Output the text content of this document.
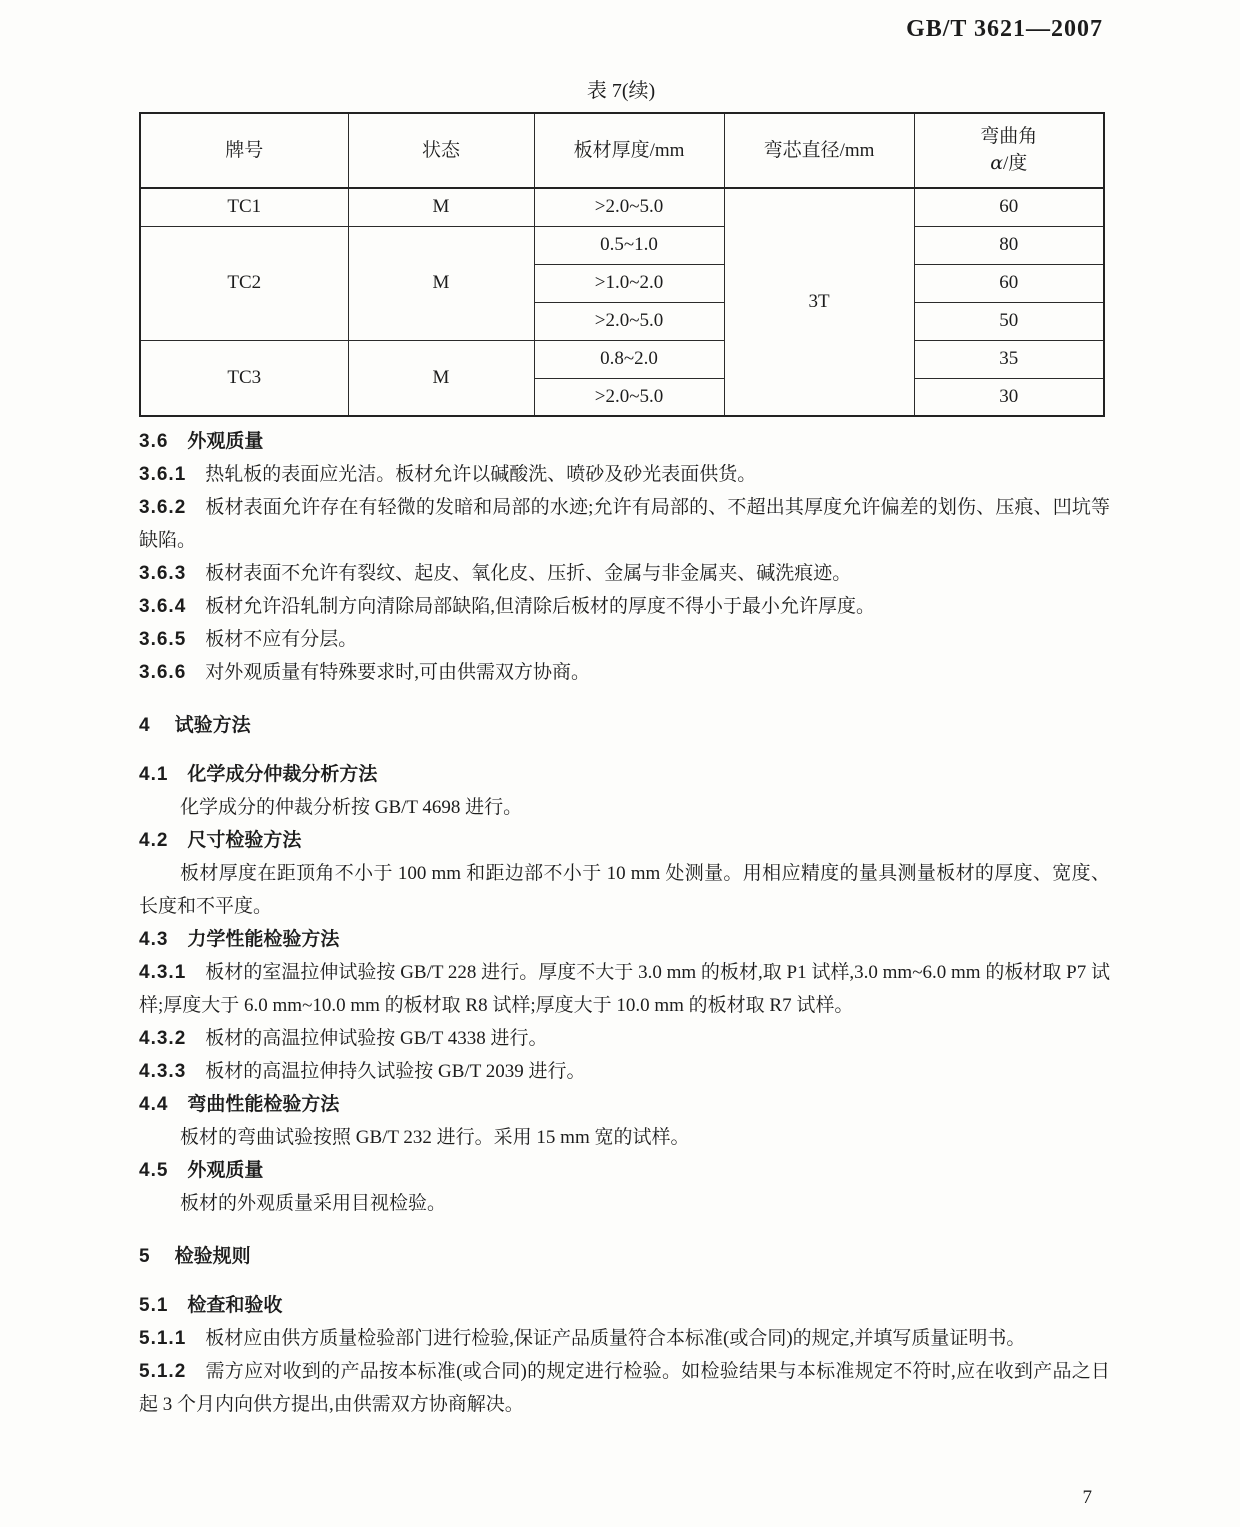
GB/T 3621—2007
表 7(续)
牌号	状态	板材厚度/mm	弯芯直径/mm	弯曲角
α/度

TC1	M	>2.0~5.0	3T	60
TC2	M	0.5~1.0		80
		>1.0~2.0		60
		>2.0~5.0		50
TC3	M	0.8~2.0		35
		>2.0~5.0		30

3.6 外观质量

3.6.1 热轧板的表面应光洁。板材允许以碱酸洗、喷砂及砂光表面供货。

3.6.2 板材表面允许存在有轻微的发暗和局部的水迹;允许有局部的、不超出其厚度允许偏差的划伤、压痕、凹坑等缺陷。

3.6.3 板材表面不允许有裂纹、起皮、氧化皮、压折、金属与非金属夹、碱洗痕迹。

3.6.4 板材允许沿轧制方向清除局部缺陷,但清除后板材的厚度不得小于最小允许厚度。

3.6.5 板材不应有分层。

3.6.6 对外观质量有特殊要求时,可由供需双方协商。

4 试验方法

4.1 化学成分仲裁分析方法

化学成分的仲裁分析按 GB/T 4698 进行。

4.2 尺寸检验方法

板材厚度在距顶角不小于 100 mm 和距边部不小于 10 mm 处测量。用相应精度的量具测量板材的厚度、宽度、长度和不平度。

4.3 力学性能检验方法

4.3.1 板材的室温拉伸试验按 GB/T 228 进行。厚度不大于 3.0 mm 的板材,取 P1 试样,3.0 mm~6.0 mm 的板材取 P7 试样;厚度大于 6.0 mm~10.0 mm 的板材取 R8 试样;厚度大于 10.0 mm 的板材取 R7 试样。

4.3.2 板材的高温拉伸试验按 GB/T 4338 进行。

4.3.3 板材的高温拉伸持久试验按 GB/T 2039 进行。

4.4 弯曲性能检验方法

板材的弯曲试验按照 GB/T 232 进行。采用 15 mm 宽的试样。

4.5 外观质量

板材的外观质量采用目视检验。

5 检验规则

5.1 检查和验收

5.1.1 板材应由供方质量检验部门进行检验,保证产品质量符合本标准(或合同)的规定,并填写质量证明书。

5.1.2 需方应对收到的产品按本标准(或合同)的规定进行检验。如检验结果与本标准规定不符时,应在收到产品之日起 3 个月内向供方提出,由供需双方协商解决。

7
